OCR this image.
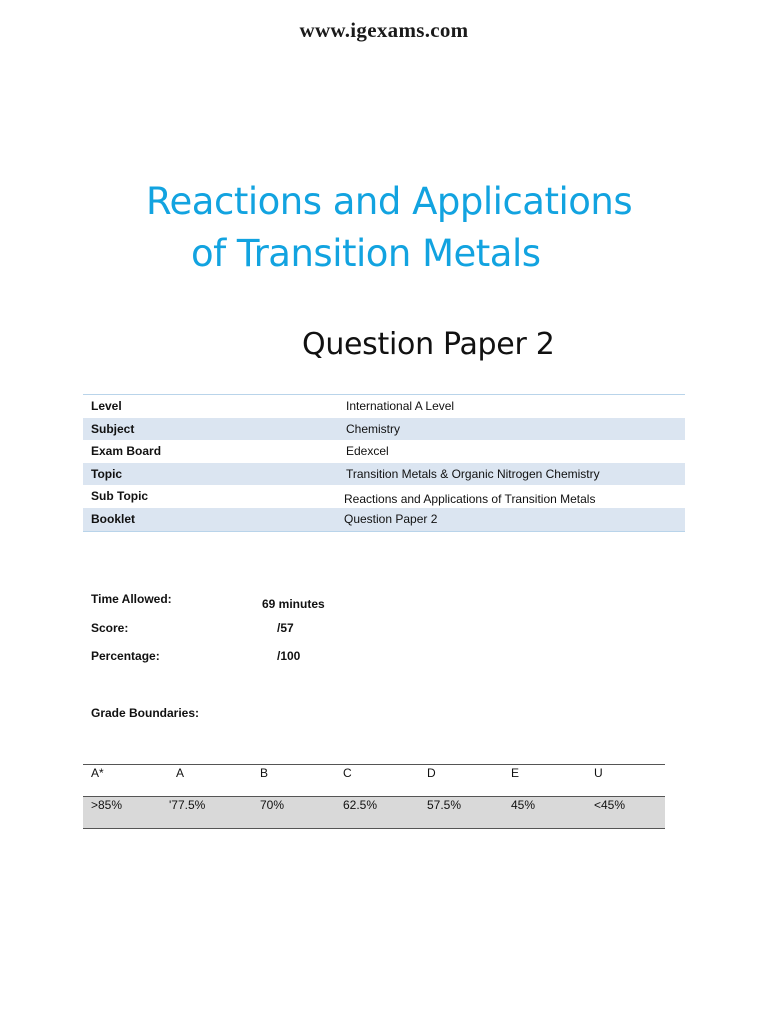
www.igexams.com
Reactions and Applications
of Transition Metals
Question Paper 2
Level	International A Level
Subject	Chemistry
Exam Board	Edexcel
Topic	Transition Metals & Organic Nitrogen Chemistry
Sub Topic	Reactions and Applications of Transition Metals
Booklet	Question Paper 2
Time Allowed:	69 minutes
Score:	/57
Percentage:	/100
Grade Boundaries:
A*	A	B	C	D	E	U
>85%	'77.5%	70%	62.5%	57.5%	45%	<45%
